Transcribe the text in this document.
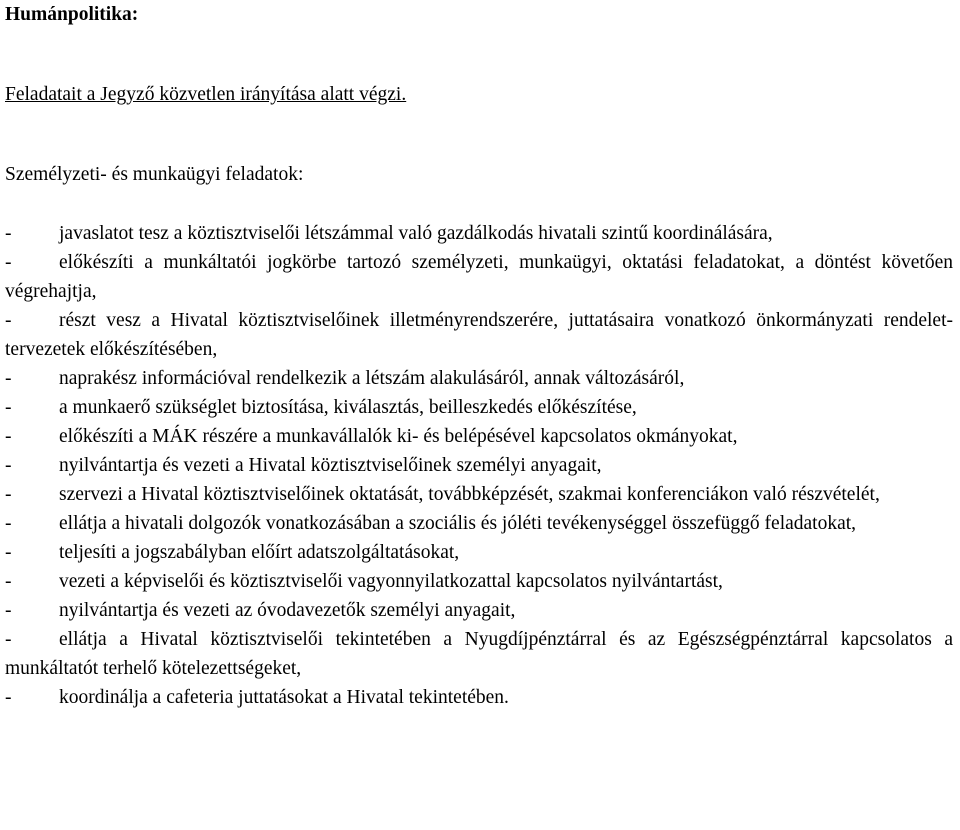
Humánpolitika:

Feladatait a Jegyző közvetlen irányítása alatt végzi.

Személyzeti- és munkaügyi feladatok:

- javaslatot tesz a köztisztviselői létszámmal való gazdálkodás hivatali szintű koordinálására,
- előkészíti a munkáltatói jogkörbe tartozó személyzeti, munkaügyi, oktatási feladatokat, a döntést követően végrehajtja,
- részt vesz a Hivatal köztisztviselőinek illetményrendszerére, juttatásaira vonatkozó önkormányzati rendelet-tervezetek előkészítésében,
- naprakész információval rendelkezik a létszám alakulásáról, annak változásáról,
- a munkaerő szükséglet biztosítása, kiválasztás, beilleszkedés előkészítése,
- előkészíti a MÁK részére a munkavállalók ki- és belépésével kapcsolatos okmányokat,
- nyilvántartja és vezeti a Hivatal köztisztviselőinek személyi anyagait,
- szervezi a Hivatal köztisztviselőinek oktatását, továbbképzését, szakmai konferenciákon való részvételét,
- ellátja a hivatali dolgozók vonatkozásában a szociális és jóléti tevékenységgel összefüggő feladatokat,
- teljesíti a jogszabályban előírt adatszolgáltatásokat,
- vezeti a képviselői és köztisztviselői vagyonnyilatkozattal kapcsolatos nyilvántartást,
- nyilvántartja és vezeti az óvodavezetők személyi anyagait,
- ellátja a Hivatal köztisztviselői tekintetében a Nyugdíjpénztárral és az Egészségpénztárral kapcsolatos a munkáltatót terhelő kötelezettségeket,
- koordinálja a cafeteria juttatásokat a Hivatal tekintetében.
